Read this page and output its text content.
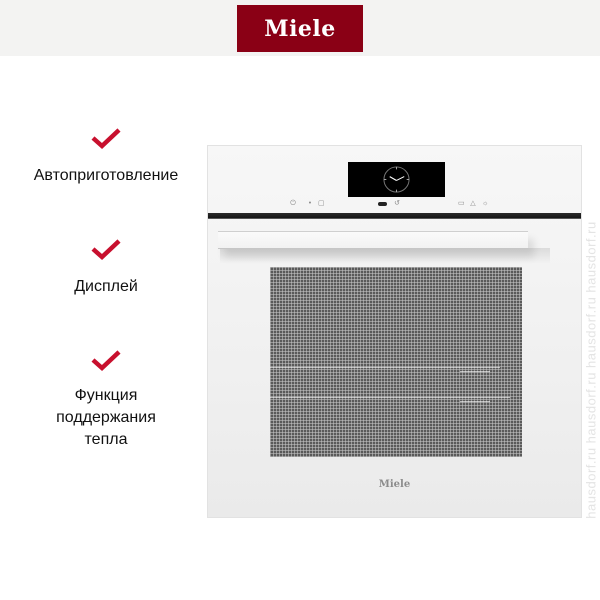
Miele
Автоприготовление
Дисплей
Функция
поддержания
тепла
⏻ • ▢	↺	▭ △ ☼
Miele	hausdorf.ru hausdorf.ru hausdorf.ru hausdorf.ru
